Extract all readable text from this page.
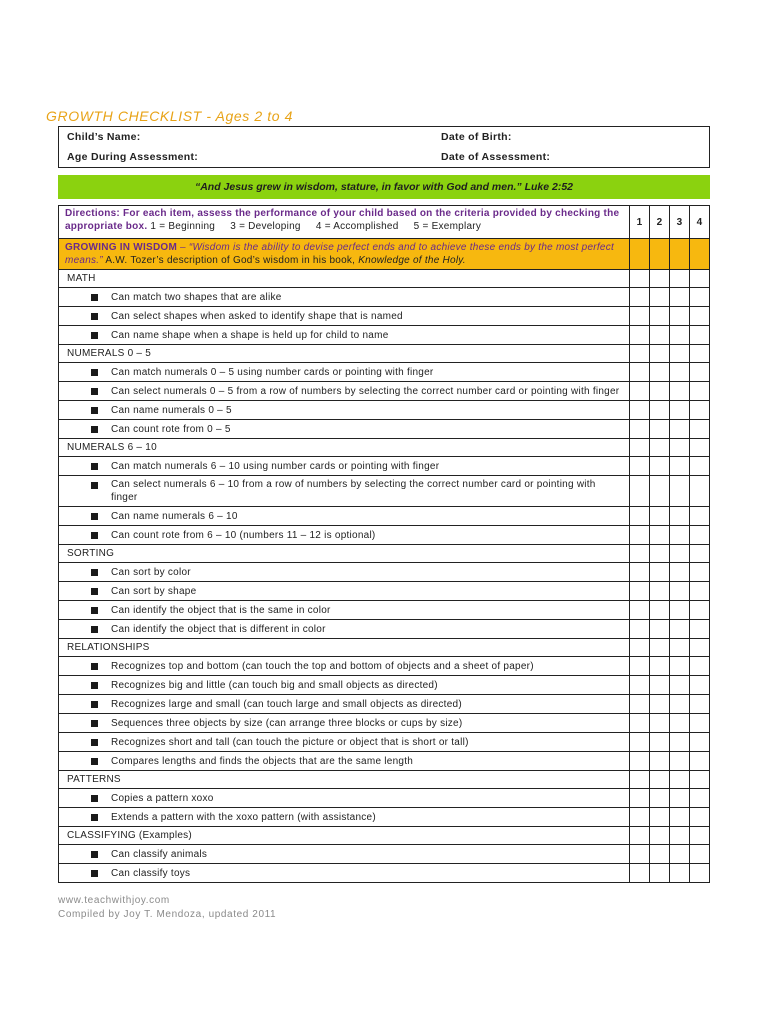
GROWTH CHECKLIST - Ages 2 to 4
Child’s Name:	Date of Birth:
Age During Assessment:	Date of Assessment:
“And Jesus grew in wisdom, stature, in favor with God and men.” Luke 2:52
Directions: For each item, assess the performance of your child based on the criteria provided by checking the appropriate box. 1 = Beginning     3 = Developing     4 = Accomplished     5 = Exemplary	1	2	3	4
GROWING IN WISDOM – “Wisdom is the ability to devise perfect ends and to achieve these ends by the most perfect means.” A.W. Tozer’s description of God’s wisdom in his book, Knowledge of the Holy.				
MATH				

Can match two shapes that are alike				

Can select shapes when asked to identify shape that is named				

Can name shape when a shape is held up for child to name				

NUMERALS 0 – 5				

Can match numerals 0 – 5 using number cards or pointing with finger				

Can select numerals 0 – 5 from a row of numbers by selecting the correct number card or pointing with finger				

Can name numerals 0 – 5				

Can count rote from 0 – 5				

NUMERALS 6 – 10				

Can match numerals 6 – 10 using number cards or pointing with finger				

Can select numerals 6 – 10 from a row of numbers by selecting the correct number card or pointing with finger				

Can name numerals 6 – 10				

Can count rote from 6 – 10 (numbers 11 – 12 is optional)				

SORTING				

Can sort by color				

Can sort by shape				

Can identify the object that is the same in color				

Can identify the object that is different in color				

RELATIONSHIPS				

Recognizes top and bottom (can touch the top and bottom of objects and a sheet of paper)				

Recognizes big and little (can touch big and small objects as directed)				

Recognizes large and small (can touch large and small objects as directed)				

Sequences three objects by size (can arrange three blocks or cups by size)				

Recognizes short and tall (can touch the picture or object that is short or tall)				

Compares lengths and finds the objects that are the same length				

PATTERNS				

Copies a pattern xoxo				

Extends a pattern with the xoxo pattern (with assistance)				

CLASSIFYING (Examples)				

Can classify animals				

Can classify toys				

www.teachwithjoy.com
Compiled by Joy T. Mendoza, updated 2011
